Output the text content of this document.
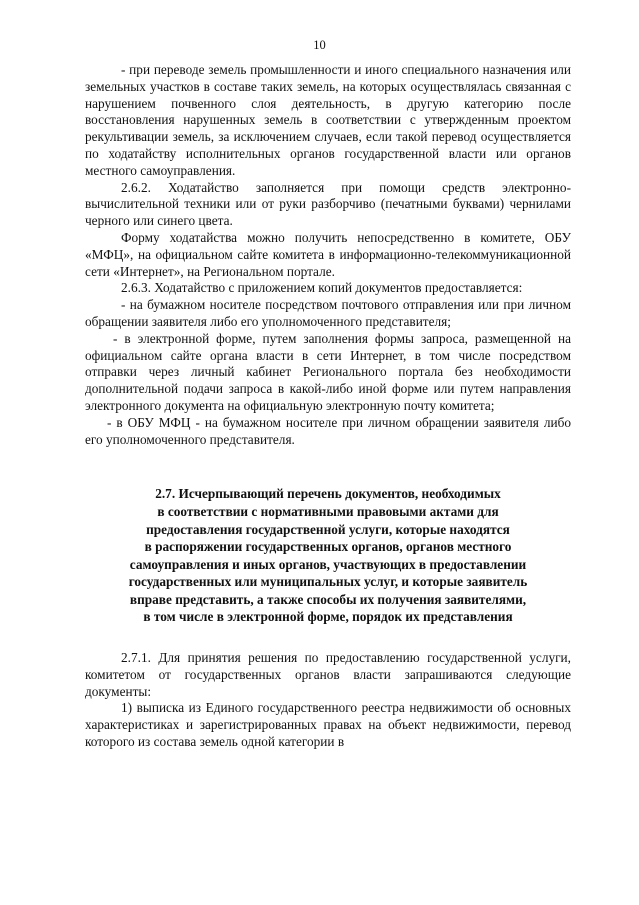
10

- при переводе земель промышленности и иного специального назначения или земельных участков в составе таких земель, на которых осуществлялась связанная с нарушением почвенного слоя деятельность, в другую категорию после восстановления нарушенных земель в соответствии с утвержденным проектом рекультивации земель, за исключением случаев, если такой перевод осуществляется по ходатайству исполнительных органов государственной власти или органов местного самоуправления.

2.6.2. Ходатайство заполняется при помощи средств электронно-вычислительной техники или от руки разборчиво (печатными буквами) чернилами черного или синего цвета.

Форму ходатайства можно получить непосредственно в комитете, ОБУ «МФЦ», на официальном сайте комитета в информационно-телекоммуникационной сети «Интернет», на Региональном портале.

2.6.3. Ходатайство с приложением копий документов предоставляется:

- на бумажном носителе посредством почтового отправления или при личном обращении заявителя либо его уполномоченного представителя;

- в электронной форме, путем заполнения формы запроса, размещенной на официальном сайте органа власти в сети Интернет, в том числе посредством отправки через личный кабинет Регионального портала без необходимости дополнительной подачи запроса в какой-либо иной форме или путем направления электронного документа на официальную электронную почту комитета;

- в ОБУ МФЦ - на бумажном носителе при личном обращении заявителя либо его уполномоченного представителя.

2.7. Исчерпывающий перечень документов, необходимых
в соответствии с нормативными правовыми актами для
предоставления государственной услуги, которые находятся
в распоряжении государственных органов, органов местного
самоуправления и иных органов, участвующих в предоставлении
государственных или муниципальных услуг, и которые заявитель
вправе представить, а также способы их получения заявителями,
в том числе в электронной форме, порядок их представления

2.7.1. Для принятия решения по предоставлению государственной услуги, комитетом от государственных органов власти запрашиваются следующие документы:

1) выписка из Единого государственного реестра недвижимости об основных характеристиках и зарегистрированных правах на объект недвижимости, перевод которого из состава земель одной категории в
